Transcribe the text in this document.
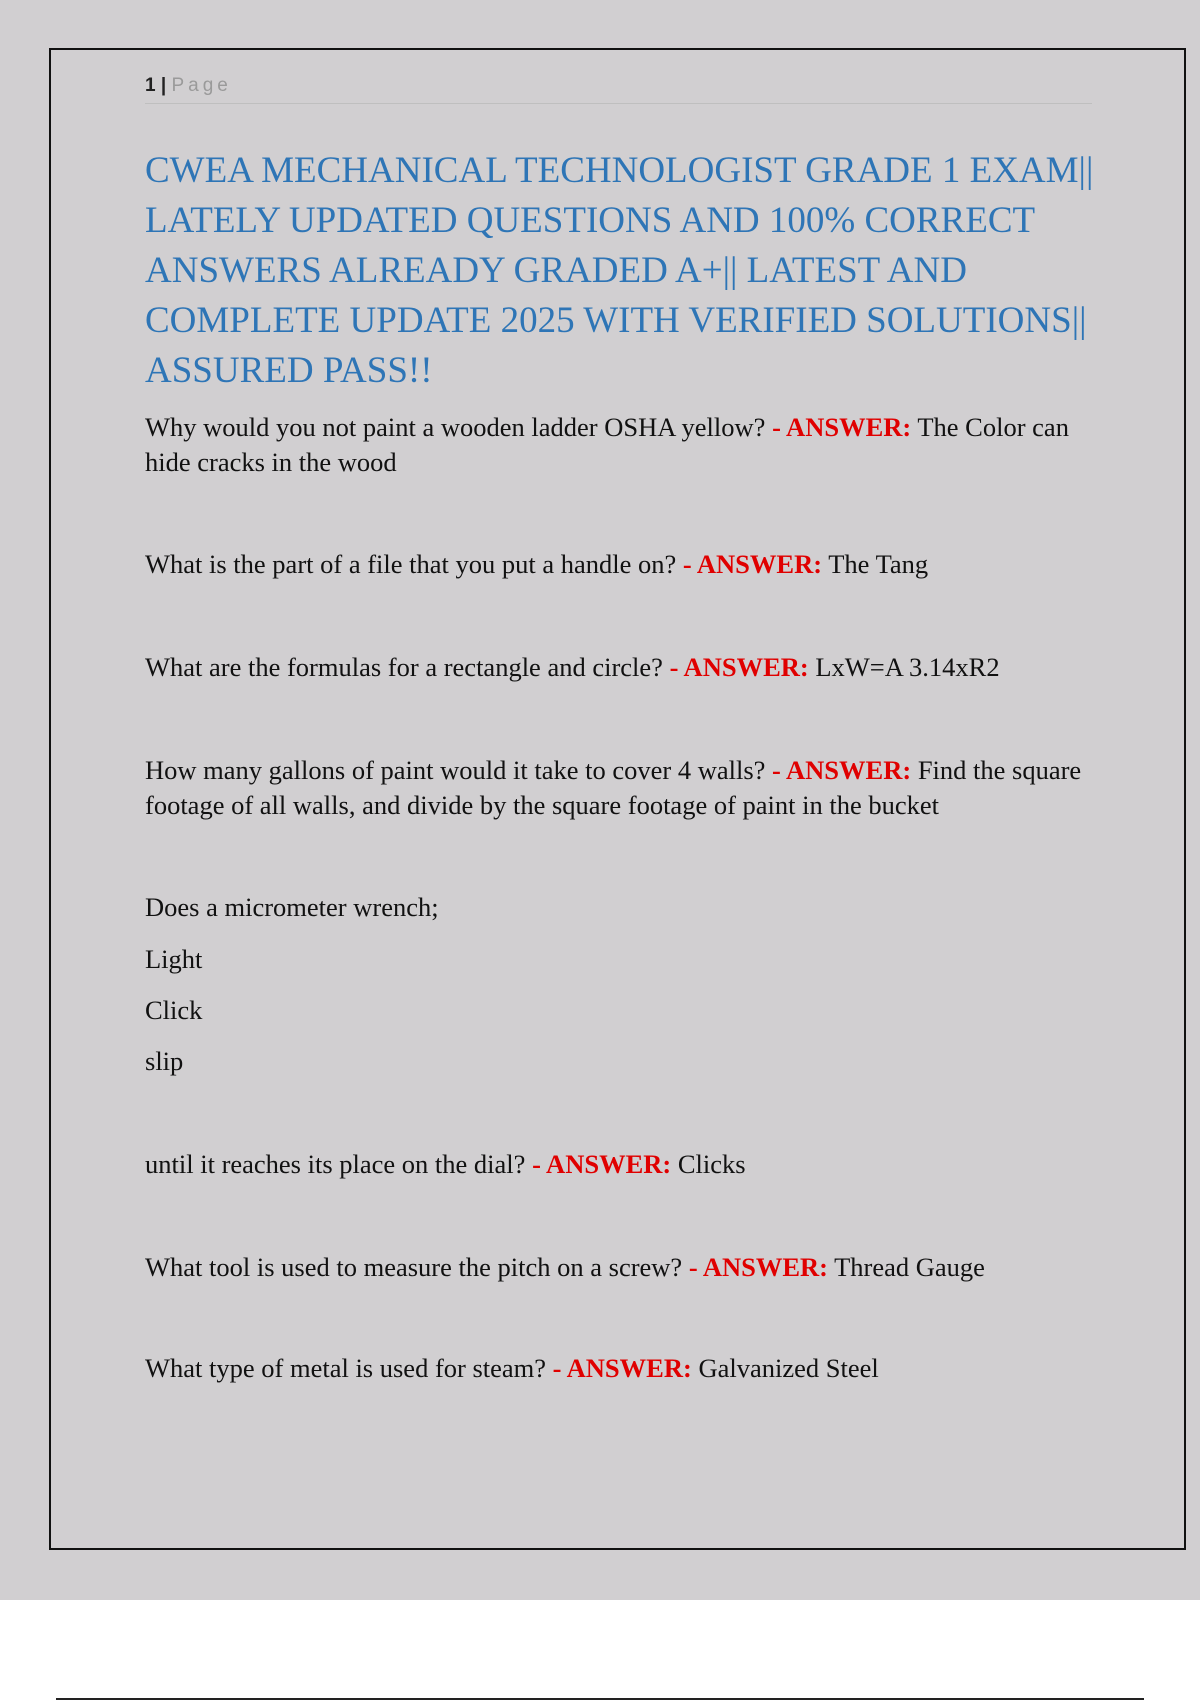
1 | Page
CWEA MECHANICAL TECHNOLOGIST GRADE 1 EXAM|| LATELY UPDATED QUESTIONS AND 100% CORRECT ANSWERS ALREADY GRADED A+|| LATEST AND COMPLETE UPDATE 2025 WITH VERIFIED SOLUTIONS|| ASSURED PASS!!
Why would you not paint a wooden ladder OSHA yellow? - ANSWER: The Color can hide cracks in the wood
What is the part of a file that you put a handle on? - ANSWER: The Tang
What are the formulas for a rectangle and circle? - ANSWER: LxW=A 3.14xR2
How many gallons of paint would it take to cover 4 walls? - ANSWER: Find the square footage of all walls, and divide by the square footage of paint in the bucket
Does a micrometer wrench;
Light
Click
slip
until it reaches its place on the dial? - ANSWER: Clicks
What tool is used to measure the pitch on a screw? - ANSWER: Thread Gauge
What type of metal is used for steam? - ANSWER: Galvanized Steel
